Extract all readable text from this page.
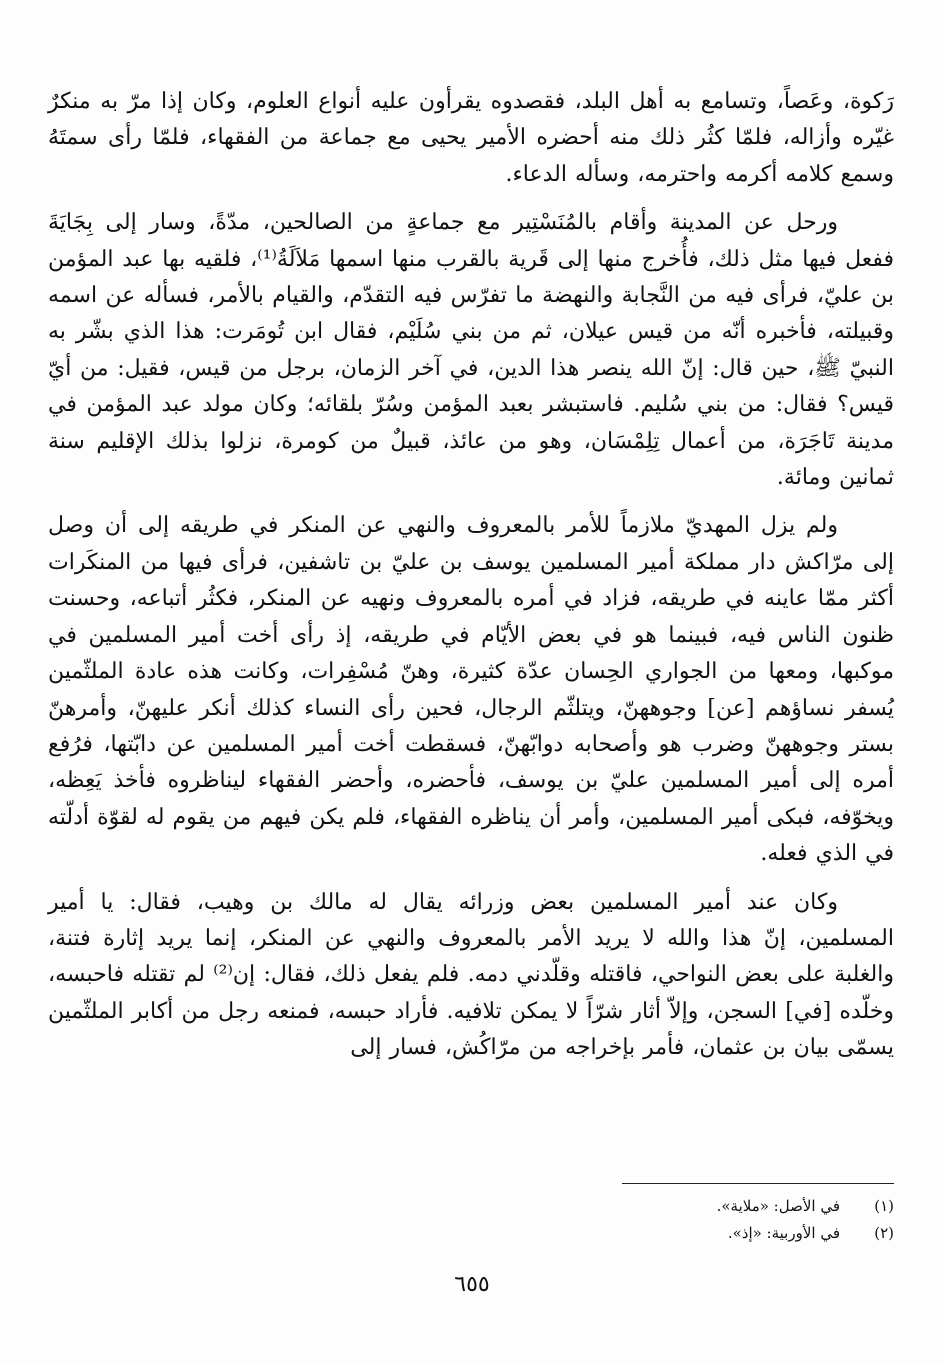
رَكوة، وعَصاً، وتسامع به أهل البلد، فقصدوه يقرأون عليه أنواع العلوم، وكان إذا مرّ به منكرٌ غيّره وأزاله، فلمّا كثُر ذلك منه أحضره الأمير يحيى مع جماعة من الفقهاء، فلمّا رأى سمتَهُ وسمع كلامه أكرمه واحترمه، وسأله الدعاء.

ورحل عن المدينة وأقام بالمُنَسْتِير مع جماعةٍ من الصالحين، مدّةً، وسار إلى بِجَايَةَ ففعل فيها مثل ذلك، فأُخرج منها إلى قَرية بالقرب منها اسمها مَلاَلَةُ⁽¹⁾، فلقيه بها عبد المؤمن بن عليّ، فرأى فيه من النَّجابة والنهضة ما تفرّس فيه التقدّم، والقيام بالأمر، فسأله عن اسمه وقبيلته، فأخبره أنّه من قيس عيلان، ثم من بني سُلَيْم، فقال ابن تُومَرت: هذا الذي بشّر به النبيّ ﷺ، حين قال: إنّ الله ينصر هذا الدين، في آخر الزمان، برجل من قيس، فقيل: من أيّ قيس؟ فقال: من بني سُليم. فاستبشر بعبد المؤمن وسُرّ بلقائه؛ وكان مولد عبد المؤمن في مدينة تَاجَرَة، من أعمال تِلِمْسَان، وهو من عائذ، قبيلٌ من كومرة، نزلوا بذلك الإقليم سنة ثمانين ومائة.

ولم يزل المهديّ ملازماً للأمر بالمعروف والنهي عن المنكر في طريقه إلى أن وصل إلى مرّاكش دار مملكة أمير المسلمين يوسف بن عليّ بن تاشفين، فرأى فيها من المنكَرات أكثر ممّا عاينه في طريقه، فزاد في أمره بالمعروف ونهيه عن المنكر، فكثُر أتباعه، وحسنت ظنون الناس فيه، فبينما هو في بعض الأيّام في طريقه، إذ رأى أخت أمير المسلمين في موكبها، ومعها من الجواري الحِسان عدّة كثيرة، وهنّ مُسْفِرات، وكانت هذه عادة الملثّمين يُسفر نساؤهم [عن] وجوههنّ، ويتلثّم الرجال، فحين رأى النساء كذلك أنكر عليهنّ، وأمرهنّ بستر وجوههنّ وضرب هو وأصحابه دوابّهنّ، فسقطت أخت أمير المسلمين عن دابّتها، فرُفع أمره إلى أمير المسلمين عليّ بن يوسف، فأحضره، وأحضر الفقهاء ليناظروه فأخذ يَعِظه، ويخوّفه، فبكى أمير المسلمين، وأمر أن يناظره الفقهاء، فلم يكن فيهم من يقوم له لقوّة أدلّته في الذي فعله.

وكان عند أمير المسلمين بعض وزرائه يقال له مالك بن وهيب، فقال: يا أمير المسلمين، إنّ هذا والله لا يريد الأمر بالمعروف والنهي عن المنكر، إنما يريد إثارة فتنة، والغلبة على بعض النواحي، فاقتله وقلّدني دمه. فلم يفعل ذلك، فقال: إن⁽²⁾ لم تقتله فاحبسه، وخلّده [في] السجن، وإلاّ أثار شرّاً لا يمكن تلافيه. فأراد حبسه، فمنعه رجل من أكابر الملثّمين يسمّى بيان بن عثمان، فأمر بإخراجه من مرّاكُش، فسار إلى

(١)
في الأصل: «ملاية».
(٢)
في الأوربية: «إذ».
٦٥٥
